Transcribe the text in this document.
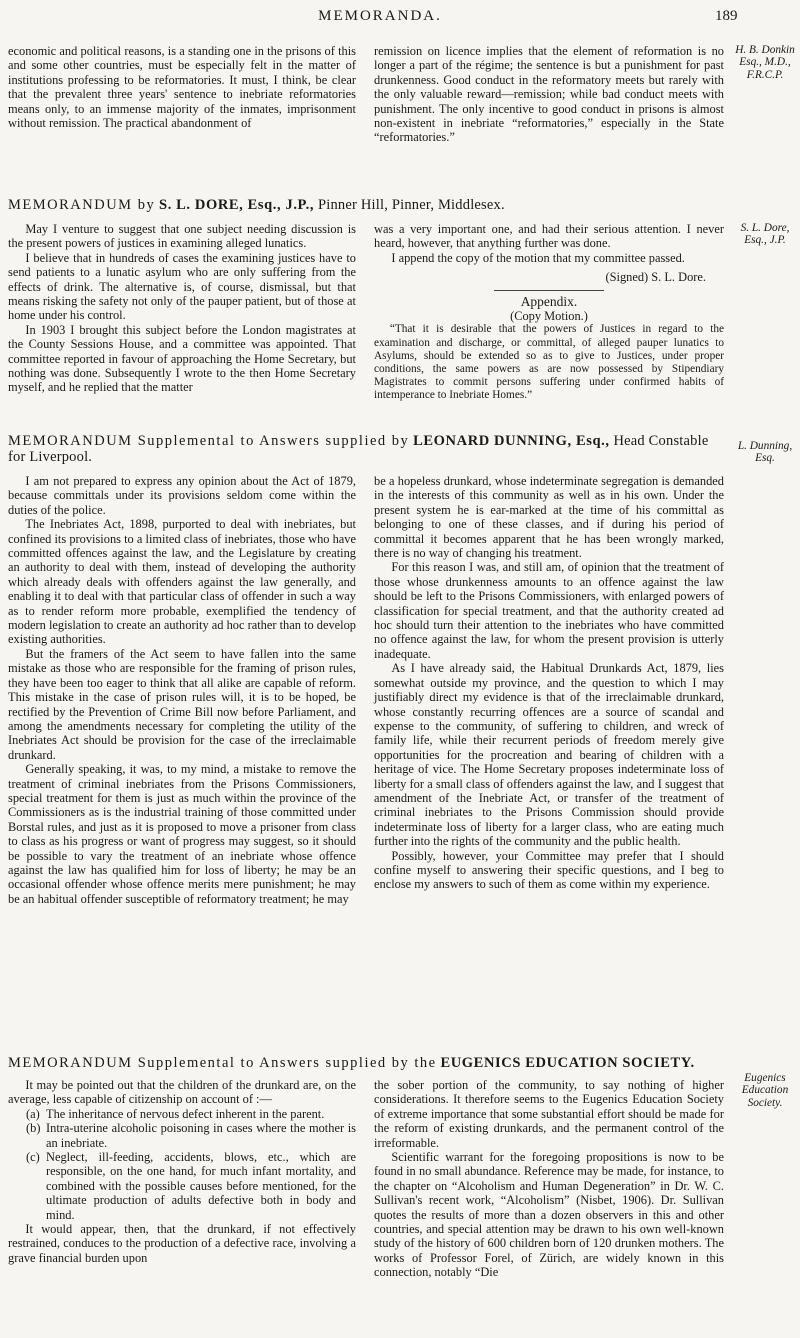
MEMORANDA.	189

economic and political reasons, is a standing one in the prisons of this and some other countries, must be especially felt in the matter of institutions professing to be reformatories. It must, I think, be clear that the prevalent three years' sentence to inebriate reformatories means only, to an immense majority of the inmates, imprisonment without remission. The practical abandonment of

remission on licence implies that the element of reformation is no longer a part of the régime; the sentence is but a punishment for past drunkenness. Good conduct in the reformatory meets but rarely with the only valuable reward—remission; while bad conduct meets with punishment. The only incentive to good conduct in prisons is almost non-existent in inebriate “reformatories,” especially in the State “reformatories.”

H. B. Donkin Esq., M.D., F.R.C.P.
MEMORANDUM by S. L. DORE, Esq., J.P., Pinner Hill, Pinner, Middlesex.

May I venture to suggest that one subject needing discussion is the present powers of justices in examining alleged lunatics.

I believe that in hundreds of cases the examining justices have to send patients to a lunatic asylum who are only suffering from the effects of drink. The alternative is, of course, dismissal, but that means risking the safety not only of the pauper patient, but of those at home under his control.

In 1903 I brought this subject before the London magistrates at the County Sessions House, and a committee was appointed. That committee reported in favour of approaching the Home Secretary, but nothing was done. Subsequently I wrote to the then Home Secretary myself, and he replied that the matter

was a very important one, and had their serious attention. I never heard, however, that anything further was done.

I append the copy of the motion that my committee passed.

(Signed) S. L. Dore.

Appendix.

(Copy Motion.)

“That it is desirable that the powers of Justices in regard to the examination and discharge, or committal, of alleged pauper lunatics to Asylums, should be extended so as to give to Justices, under proper conditions, the same powers as are now possessed by Stipendiary Magistrates to commit persons suffering under confirmed habits of intemperance to Inebriate Homes.”

S. L. Dore, Esq., J.P.
MEMORANDUM Supplemental to Answers supplied by LEONARD DUNNING, Esq., Head Constable for Liverpool.

I am not prepared to express any opinion about the Act of 1879, because committals under its provisions seldom come within the duties of the police.

The Inebriates Act, 1898, purported to deal with inebriates, but confined its provisions to a limited class of inebriates, those who have committed offences against the law, and the Legislature by creating an authority to deal with them, instead of developing the authority which already deals with offenders against the law generally, and enabling it to deal with that particular class of offender in such a way as to render reform more probable, exemplified the tendency of modern legislation to create an authority ad hoc rather than to develop existing authorities.

But the framers of the Act seem to have fallen into the same mistake as those who are responsible for the framing of prison rules, they have been too eager to think that all alike are capable of reform. This mistake in the case of prison rules will, it is to be hoped, be rectified by the Prevention of Crime Bill now before Parliament, and among the amendments necessary for completing the utility of the Inebriates Act should be provision for the case of the irreclaimable drunkard.

Generally speaking, it was, to my mind, a mistake to remove the treatment of criminal inebriates from the Prisons Commissioners, special treatment for them is just as much within the province of the Commissioners as is the industrial training of those committed under Borstal rules, and just as it is proposed to move a prisoner from class to class as his progress or want of progress may suggest, so it should be possible to vary the treatment of an inebriate whose offence against the law has qualified him for loss of liberty; he may be an occasional offender whose offence merits mere punishment; he may be an habitual offender susceptible of reformatory treatment; he may

be a hopeless drunkard, whose indeterminate segregation is demanded in the interests of this community as well as in his own. Under the present system he is ear-marked at the time of his committal as belonging to one of these classes, and if during his period of committal it becomes apparent that he has been wrongly marked, there is no way of changing his treatment.

For this reason I was, and still am, of opinion that the treatment of those whose drunkenness amounts to an offence against the law should be left to the Prisons Commissioners, with enlarged powers of classification for special treatment, and that the authority created ad hoc should turn their attention to the inebriates who have committed no offence against the law, for whom the present provision is utterly inadequate.

As I have already said, the Habitual Drunkards Act, 1879, lies somewhat outside my province, and the question to which I may justifiably direct my evidence is that of the irreclaimable drunkard, whose constantly recurring offences are a source of scandal and expense to the community, of suffering to children, and wreck of family life, while their recurrent periods of freedom merely give opportunities for the procreation and bearing of children with a heritage of vice. The Home Secretary proposes indeterminate loss of liberty for a small class of offenders against the law, and I suggest that amendment of the Inebriate Act, or transfer of the treatment of criminal inebriates to the Prisons Commission should provide indeterminate loss of liberty for a larger class, who are eating much further into the rights of the community and the public health.

Possibly, however, your Committee may prefer that I should confine myself to answering their specific questions, and I beg to enclose my answers to such of them as come within my experience.

L. Dunning, Esq.
MEMORANDUM Supplemental to Answers supplied by the EUGENICS EDUCATION SOCIETY.

It may be pointed out that the children of the drunkard are, on the average, less capable of citizenship on account of :—

(a) The inheritance of nervous defect inherent in the parent.

(b) Intra-uterine alcoholic poisoning in cases where the mother is an inebriate.

(c) Neglect, ill-feeding, accidents, blows, etc., which are responsible, on the one hand, for much infant mortality, and combined with the possible causes before mentioned, for the ultimate production of adults defective both in body and mind.

It would appear, then, that the drunkard, if not effectively restrained, conduces to the production of a defective race, involving a grave financial burden upon

the sober portion of the community, to say nothing of higher considerations. It therefore seems to the Eugenics Education Society of extreme importance that some substantial effort should be made for the reform of existing drunkards, and the permanent control of the irreformable.

Scientific warrant for the foregoing propositions is now to be found in no small abundance. Reference may be made, for instance, to the chapter on “Alcoholism and Human Degeneration” in Dr. W. C. Sullivan's recent work, “Alcoholism” (Nisbet, 1906). Dr. Sullivan quotes the results of more than a dozen observers in this and other countries, and special attention may be drawn to his own well-known study of the history of 600 children born of 120 drunken mothers. The works of Professor Forel, of Zürich, are widely known in this connection, notably “Die

Eugenics Education Society.
